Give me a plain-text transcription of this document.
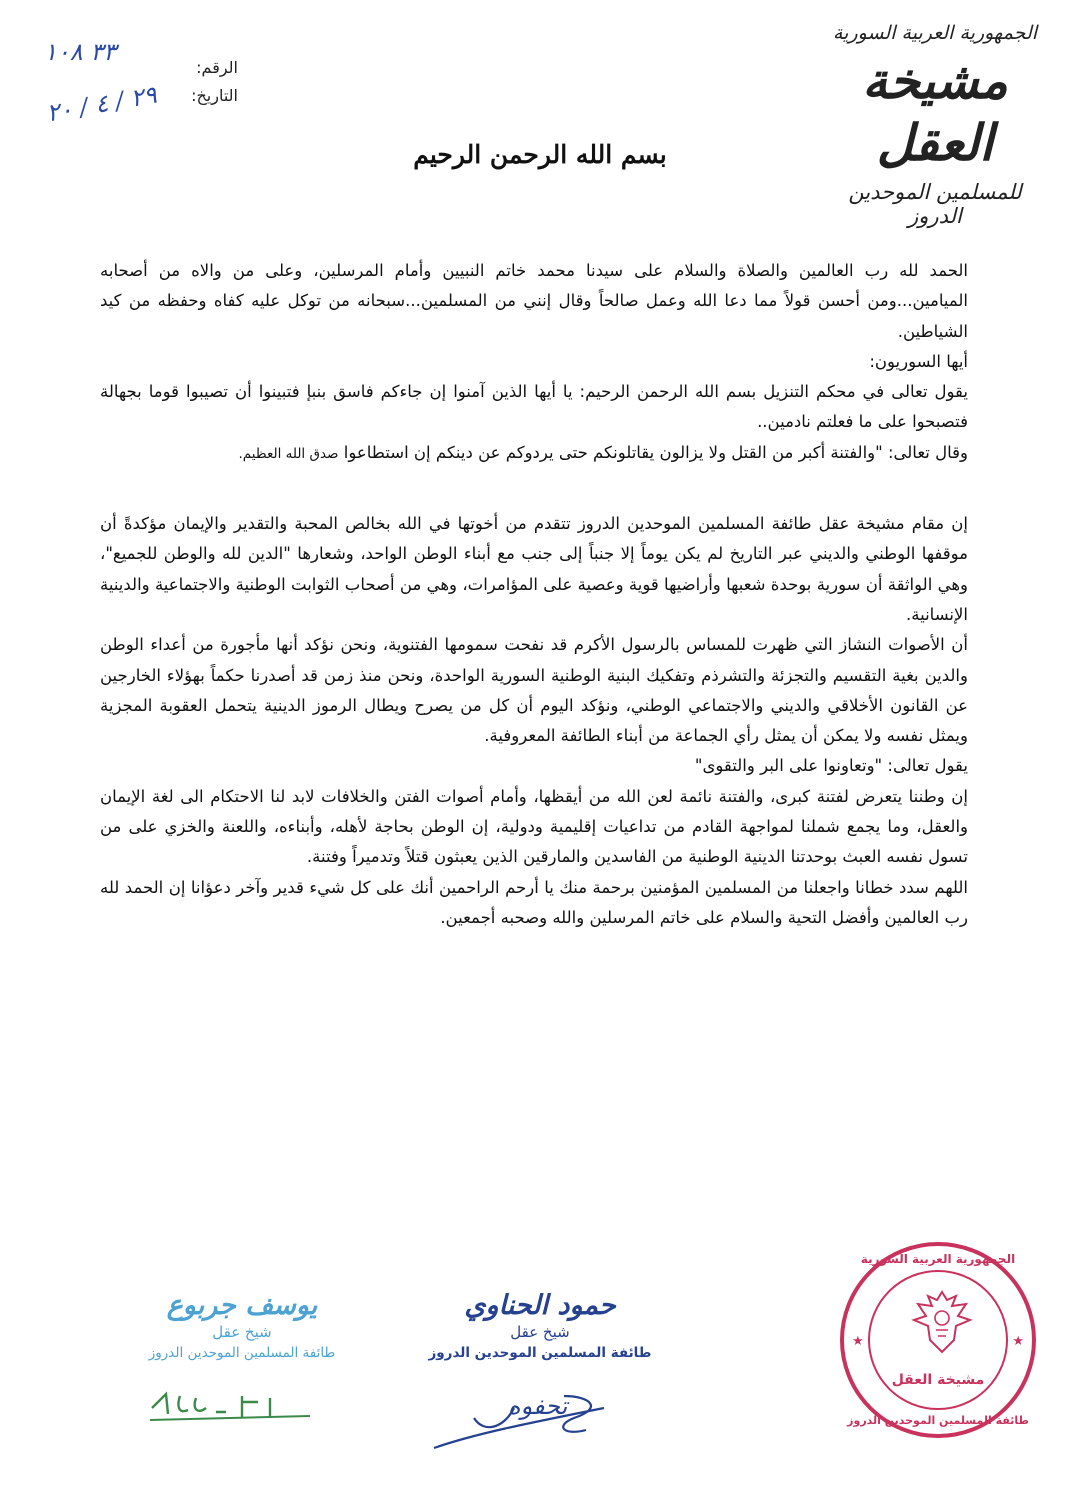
الجمهورية العربية السورية
مشيخة العقل
للمسلمين الموحدين الدروز
الرقم:
التاريخ:
٣٣ ١٠٨
٢٩ / ٤ / ٢٠
بسم الله الرحمن الرحيم

الحمد لله رب العالمين والصلاة والسلام على سيدنا محمد خاتم النبيين وأمام المرسلين، وعلى من والاه من أصحابه الميامين...ومن أحسن قولاً مما دعا الله وعمل صالحاً وقال إنني من المسلمين...سبحانه من توكل عليه كفاه وحفظه من كيد الشياطين.

أيها السوريون:

يقول تعالى في محكم التنزيل بسم الله الرحمن الرحيم: يا أيها الذين آمنوا إن جاءكم فاسق بنبإ فتبينوا أن تصيبوا قوما بجهالة فتصبحوا على ما فعلتم نادمين..

وقال تعالى: "والفتنة أكبر من القتل ولا يزالون يقاتلونكم حتى يردوكم عن دينكم إن استطاعوا صدق الله العظيم.

إن مقام مشيخة عقل طائفة المسلمين الموحدين الدروز تتقدم من أخوتها في الله بخالص المحبة والتقدير والإيمان مؤكدةً أن موقفها الوطني والديني عبر التاريخ لم يكن يوماً إلا جنباً إلى جنب مع أبناء الوطن الواحد، وشعارها "الدين لله والوطن للجميع"، وهي الواثقة أن سورية بوحدة شعبها وأراضيها قوية وعصية على المؤامرات، وهي من أصحاب الثوابت الوطنية والاجتماعية والدينية الإنسانية.

أن الأصوات النشاز التي ظهرت للمساس بالرسول الأكرم قد نفحت سمومها الفتنوية، ونحن نؤكد أنها مأجورة من أعداء الوطن والدين بغية التقسيم والتجزئة والتشرذم وتفكيك البنية الوطنية السورية الواحدة، ونحن منذ زمن قد أصدرنا حكماً بهؤلاء الخارجين عن القانون الأخلاقي والديني والاجتماعي الوطني، ونؤكد اليوم أن كل من يصرح ويطال الرموز الدينية يتحمل العقوبة المجزية ويمثل نفسه ولا يمكن أن يمثل رأي الجماعة من أبناء الطائفة المعروفية.

يقول تعالى: "وتعاونوا على البر والتقوى"

إن وطننا يتعرض لفتنة كبرى، والفتنة نائمة لعن الله من أيقظها، وأمام أصوات الفتن والخلافات لابد لنا الاحتكام الى لغة الإيمان والعقل، وما يجمع شملنا لمواجهة القادم من تداعيات إقليمية ودولية، إن الوطن بحاجة لأهله، وأبناءه، واللعنة والخزي على من تسول نفسه العبث بوحدتنا الدينية الوطنية من الفاسدين والمارقين الذين يعبثون قتلاً وتدميراً وفتنة.

اللهم سدد خطانا واجعلنا من المسلمين المؤمنين برحمة منك يا أرحم الراحمين أنك على كل شيء قدير وآخر دعؤانا إن الحمد لله رب العالمين وأفضل التحية والسلام على خاتم المرسلين والله وصحبه أجمعين.

الجمهورية العربية السورية
مشيخة العقل
طائفة المسلمين الموحدين الدروز
★	★
يوسف جربوع
شيخ عقل
طائفة المسلمين الموحدين الدروز
حمود الحناوي
شيخ عقل
طائفة المسلمين الموحدين الدروز
تحفوه
